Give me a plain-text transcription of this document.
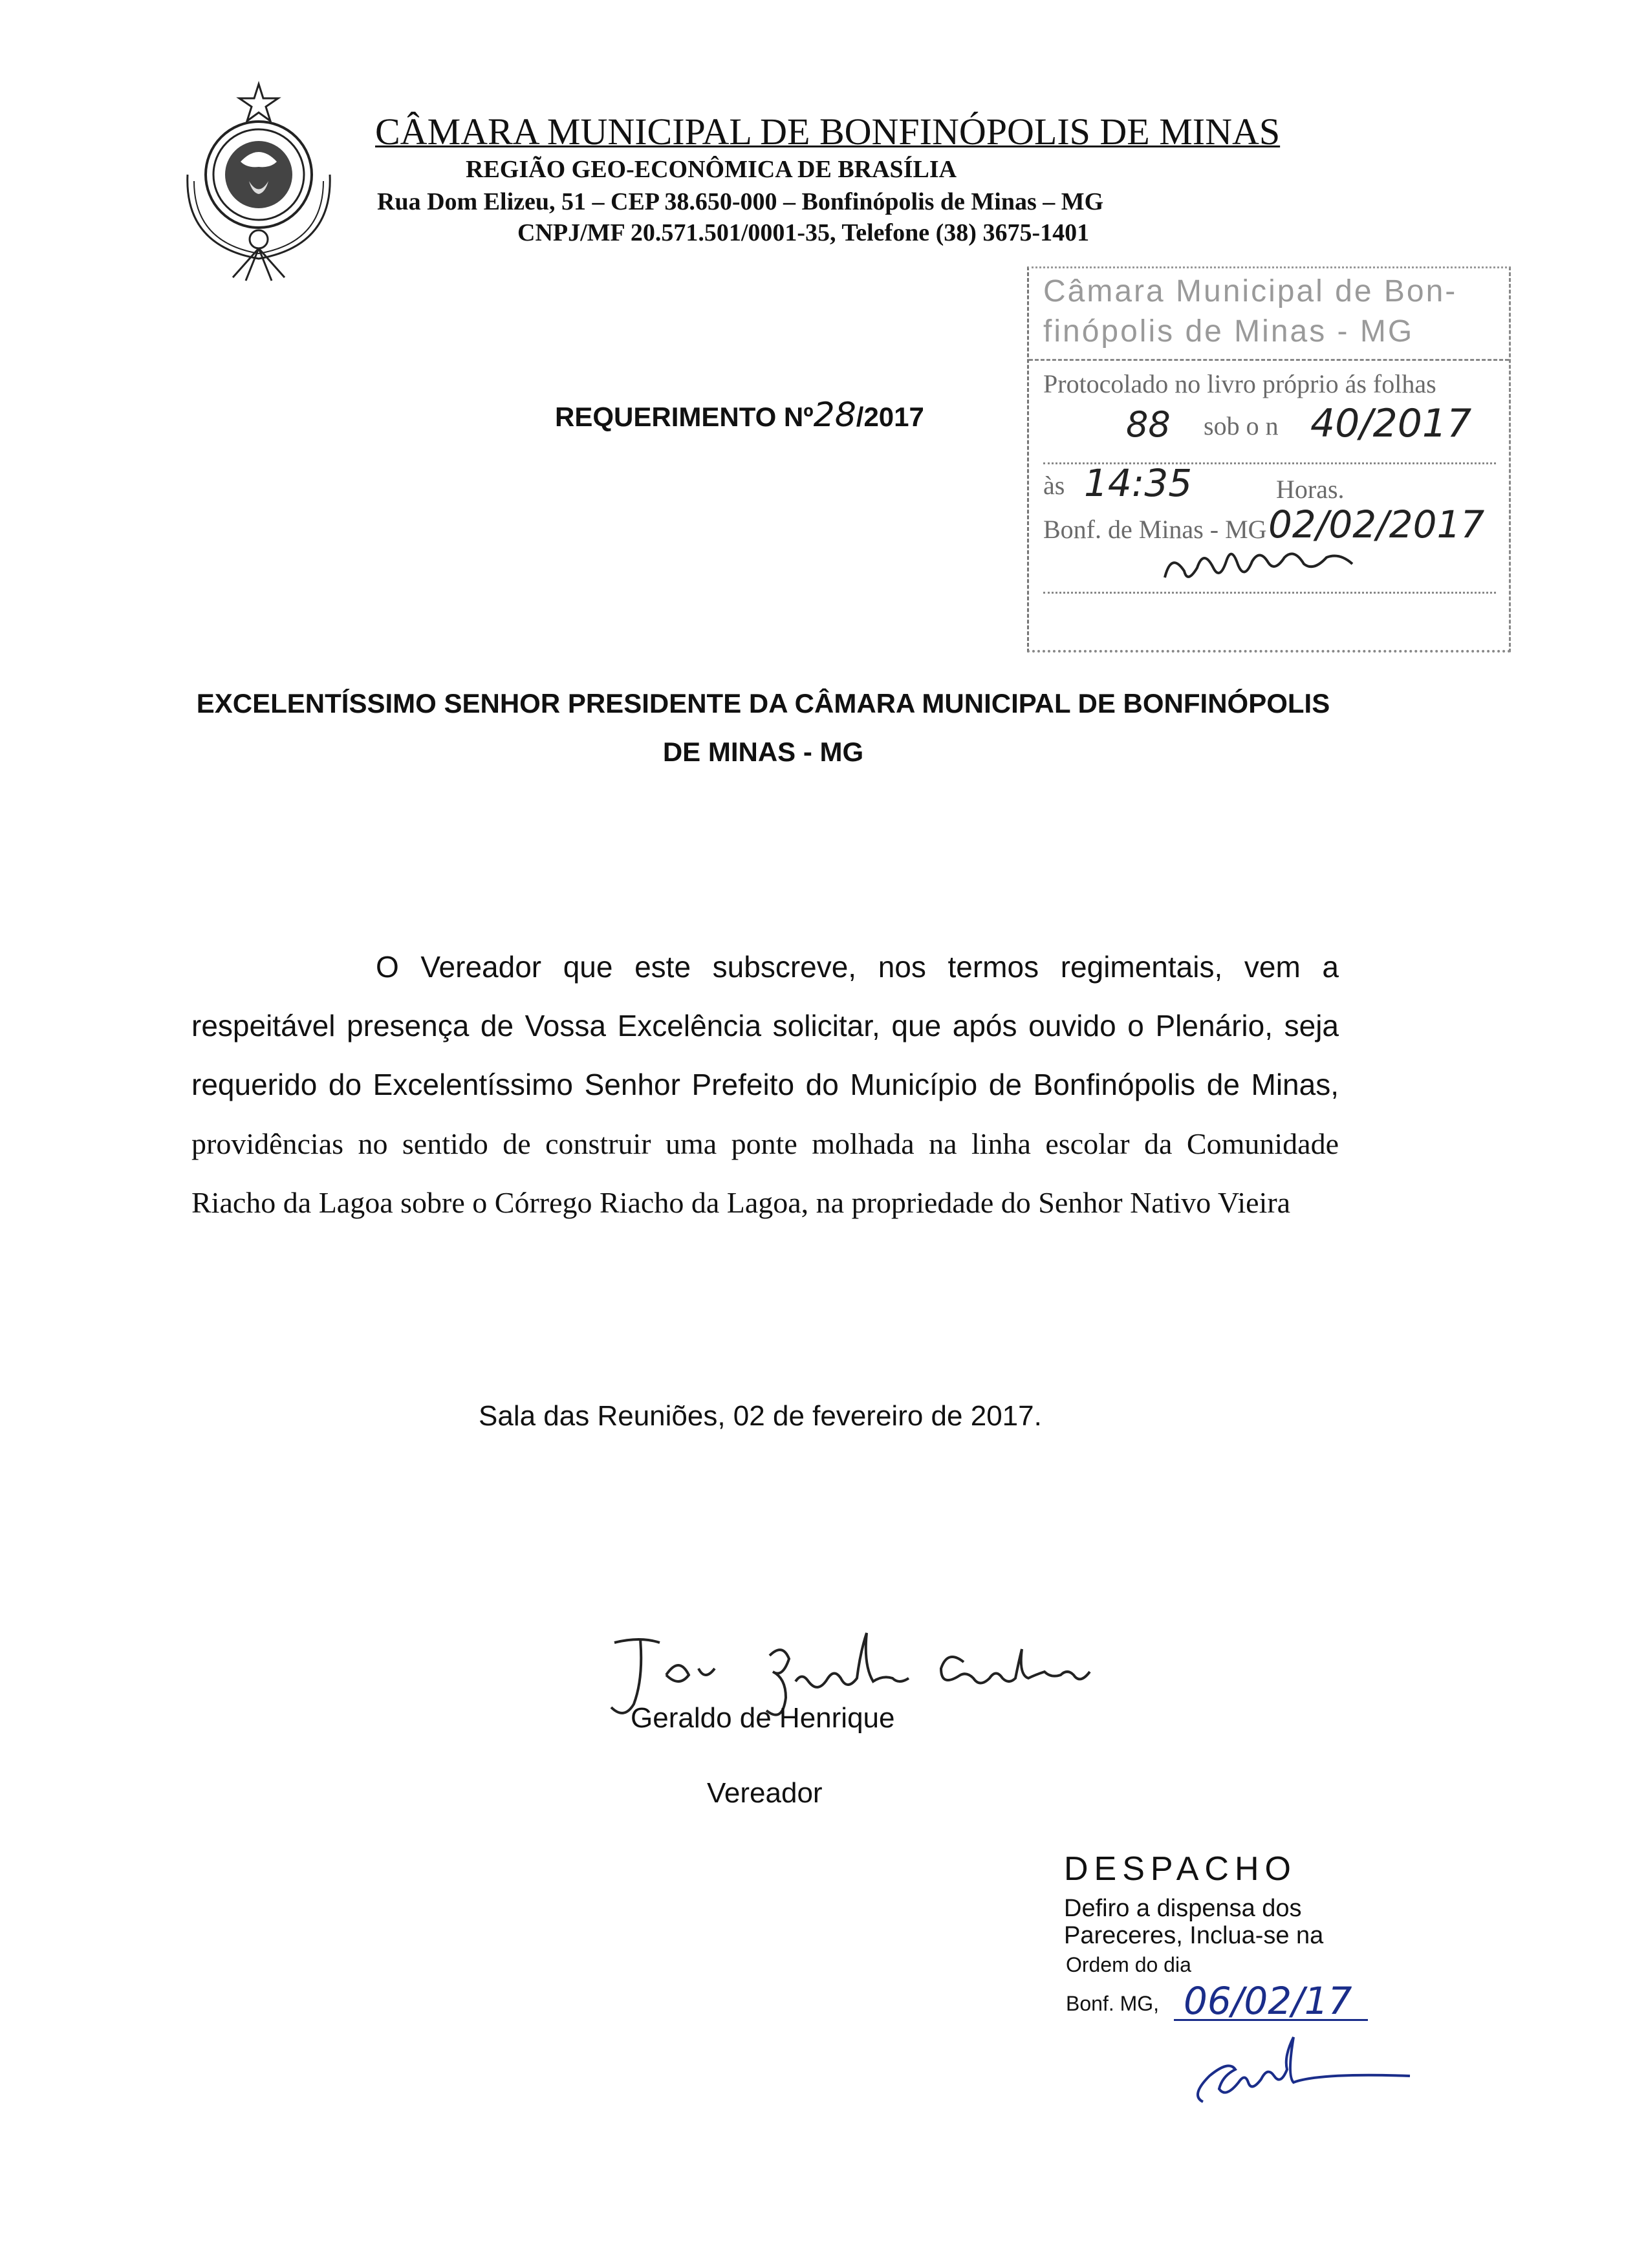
CÂMARA MUNICIPAL DE BONFINÓPOLIS DE MINAS
REGIÃO GEO-ECONÔMICA DE BRASÍLIA
Rua Dom Elizeu, 51 – CEP 38.650-000 – Bonfinópolis de Minas – MG
CNPJ/MF 20.571.501/0001-35, Telefone (38) 3675-1401
Câmara Municipal de Bon-
finópolis de Minas - MG
Protocolado no livro próprio ás folhas
88 sob o n 40/2017
às 14:35	Horas.
Bonf. de Minas - MG 02/02/2017
REQUERIMENTO Nº28/2017
EXCELENTÍSSIMO SENHOR PRESIDENTE DA CÂMARA MUNICIPAL DE BONFINÓPOLIS
DE MINAS - MG

O Vereador que este subscreve, nos termos regimentais, vem a respeitável presença de Vossa Excelência solicitar, que após ouvido o Plenário, seja requerido do Excelentíssimo Senhor Prefeito do Município de Bonfinópolis de Minas, providências no sentido de construir uma ponte molhada na linha escolar da Comunidade Riacho da Lagoa sobre o Córrego Riacho da Lagoa, na propriedade do Senhor Nativo Vieira

Sala das Reuniões, 02 de fevereiro de 2017.
Geraldo de Henrique
Vereador
DESPACHO
Defiro a dispensa dos
Pareceres, Inclua-se na
Ordem do dia
Bonf. MG, 06/02/17
